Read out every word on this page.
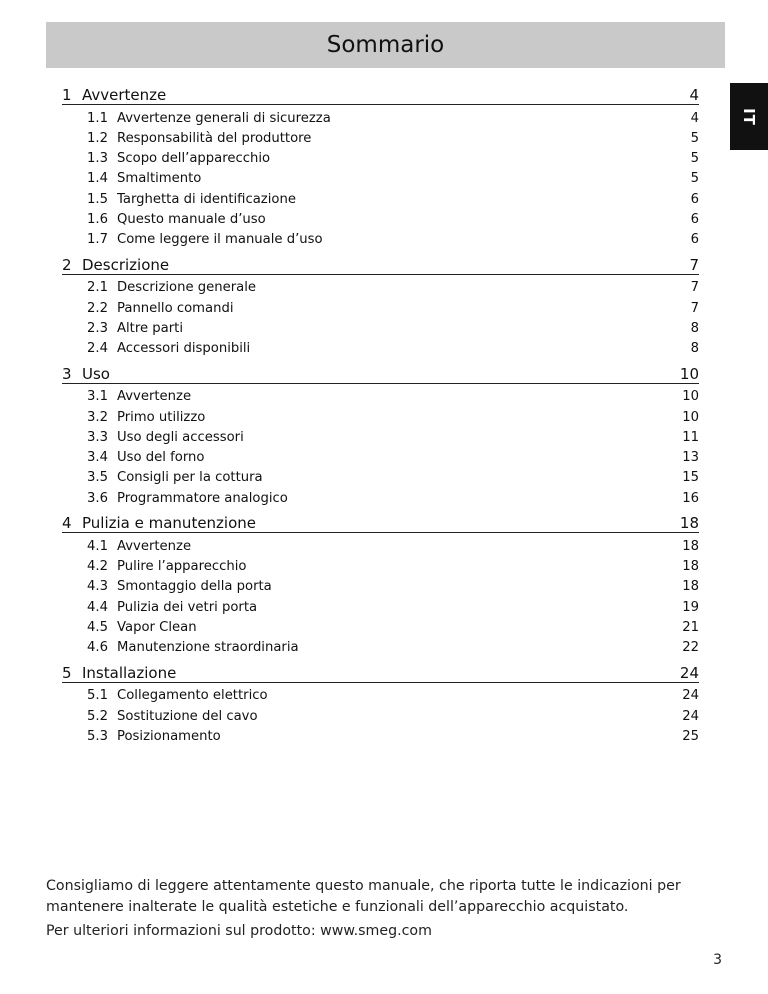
Sommario
IT
1 Avvertenze	4
1.1 Avvertenze generali di sicurezza	4
1.2 Responsabilità del produttore	5
1.3 Scopo dell’apparecchio	5
1.4 Smaltimento	5
1.5 Targhetta di identificazione	6
1.6 Questo manuale d’uso	6
1.7 Come leggere il manuale d’uso	6
2 Descrizione	7
2.1 Descrizione generale	7
2.2 Pannello comandi	7
2.3 Altre parti	8
2.4 Accessori disponibili	8
3 Uso	10
3.1 Avvertenze	10
3.2 Primo utilizzo	10
3.3 Uso degli accessori	11
3.4 Uso del forno	13
3.5 Consigli per la cottura	15
3.6 Programmatore analogico	16
4 Pulizia e manutenzione	18
4.1 Avvertenze	18
4.2 Pulire l’apparecchio	18
4.3 Smontaggio della porta	18
4.4 Pulizia dei vetri porta	19
4.5 Vapor Clean	21
4.6 Manutenzione straordinaria	22
5 Installazione	24
5.1 Collegamento elettrico	24
5.2 Sostituzione del cavo	24
5.3 Posizionamento	25

Consigliamo di leggere attentamente questo manuale, che riporta tutte le indicazioni per mantenere inalterate le qualità estetiche e funzionali dell’apparecchio acquistato.

Per ulteriori informazioni sul prodotto: www.smeg.com

3
